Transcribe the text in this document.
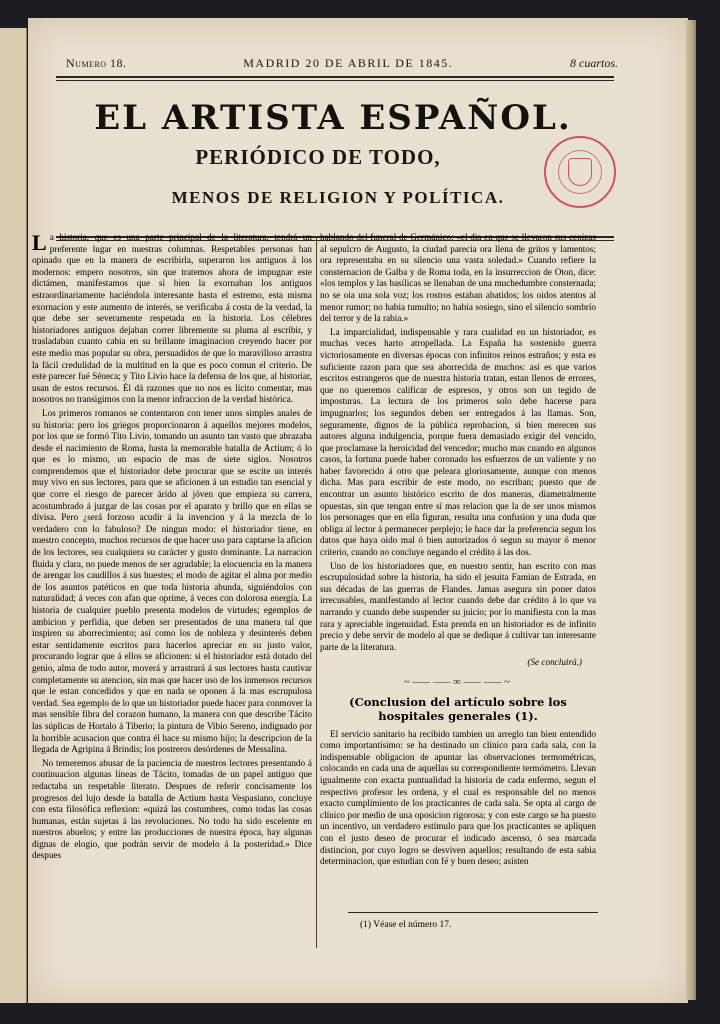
Numero 18.	MADRID 20 DE ABRIL DE 1845.	8 cuartos.
EL ARTISTA ESPAÑOL.
PERIÓDICO DE TODO,
MENOS DE RELIGION Y POLÍTICA.

La historia, que es una parte principal de la literatura, tendrá un preferente lugar en nuestras columnas. Respetables personas han opinado que en la manera de escribirla, superaron los antiguos á los modernos: empero nosotros, sin que tratemos ahora de impugnar este dictámen, manifestamos que si bien la exornaban los antiguos estraordinariamente haciéndola interesante hasta el estremo, esta misma exornacion y este aumento de interés, se verificaba á costa de la verdad, la que debe ser severamente respetada en la historia. Los célebres historiadores antiguos dejaban correr libremente su pluma al escribir, y trasladaban cuanto cabia en su brillante imaginacion creyendo hacer por este medio mas popular su obra, persuadidos de que lo maravilloso arrastra la fácil credulidad de la multitud en la que es poco comun el criterio. De este parecer fué Séneca; y Tito Livio hace la defensa de los que, al historiar, usan de estos recursos. Él dá razones que no nos es lícito comentar, mas nosotros no transigimos con la menor infraccion de la verdad histórica.

Los primeros romanos se contentaron con tener unos simples anales de su historia: pero los griegos proporcionaron á aquellos mejores modelos, por los que se formó Tito Livio, tomando un asunto tan vasto que abrazaba desde el nacimiento de Roma, hasta la memorable batalla de Actium; ó lo que es lo mismo, un espacio de mas de siete siglos. Nosotros comprendemos que el historiador debe procurar que se escite un interés muy vivo en sus lectores, para que se aficionen á un estudio tan esencial y que corre el riesgo de parecer árido al jóven que empieza su carrera, acostumbrado á juzgar de las cosas por el aparato y brillo que en ellas se divisa. Pero ¿será forzoso acudir á la invencion y á la mezcla de lo verdadero con lo fabuloso? De ningun modo: el historiador tiene, en nuestro concepto, muchos recursos de que hacer uso para captarse la aficion de los lectores, sea cualquiera su carácter y gusto dominante. La narracion fluida y clara, no puede menos de ser agradable; la elocuencia en la manera de arengar los caudillos á sus huestes; el modo de agitar el alma por medio de los asuntos patéticos en que toda historia abunda, siguiéndolos con naturalidad; á veces con afan que oprime, á veces con dolorosa energía. La historia de cualquier pueblo presenta modelos de virtudes; egemplos de ambicion y perfidia, que deben ser presentados de una manera tal que inspiren su aborrecimiento; así como los de nobleza y desinterés deben estar sentidamente escritos para hacerlos apreciar en su justo valor, procurando lograr que á ellos se aficionen: si el historiador está dotado del genio, alma de todo autor, moverá y arrastrará á sus lectores hasta cautivar completamente su atencion, sin mas que hacer uso de los inmensos recursos que le estan concedidos y que en nada se oponen á la mas escrupulosa verdad. Sea egemplo de lo que un historiador puede hacer para conmover la mas sensible fibra del corazon humano, la manera con que describe Tácito las súplicas de Hortalo á Tiberio; la pintura de Vibio Sereno, indignado por la horrible acusacion que contra él hace su mismo hijo; la descripcion de la llegada de Agripina á Brindis; los postreros desórdenes de Messalina.

No temeremos abusar de la paciencia de nuestros lectores presentando á continuacion algunas líneas de Tácito, tomadas de un papel antiguo que redactaba un respetable literato. Despues de referir concisamente los progresos del lujo desde la batalla de Actium hasta Vespasiano, concluye con esta filosófica reflexion: «quizá las costumbres, como todas las cosas humanas, están sujetas á las revoluciones. No todo ha sido escelente en nuestros abuelos; y entre las producciones de nuestra época, hay algunas dignas de elogio, que podrán servir de modelo á la posteridad.» Dice despues

hablando del funeral de Germánico: «el dia en que se llevaron sus cenizas al sepulcro de Augusto, la ciudad parecia ora llena de gritos y lamentos; ora representaba en su silencio una vasta soledad.» Cuando refiere la consternacion de Galba y de Roma toda, en la insurreccion de Oton, dice: «los templos y las basílicas se llenaban de una muchedumbre consternada; no se oia una sola voz; los rostros estaban abatidos; los oidos atentos al menor rumor; no habia tumulto; no habia sosiego, sino el silencio sombrío del terror y de la rabia.»

La imparcialidad, indispensable y rara cualidad en un historiador, es muchas veces harto atropellada. La España ha sostenido guerra victoriosamente en diversas épocas con infinitos reinos estraños; y esta es suficiente razon para que sea aborrecida de muchos: así es que varios escritos estrangeros que de nuestra historia tratan, estan llenos de errores, que no queremos calificar de espresos, y otros son un tegido de imposturas. La lectura de los primeros solo debe hacerse para impugnarlos; los segundos deben ser entregados á las llamas. Son, seguramente, dignos de la pública reprobacion, si bien merecen sus autores alguna indulgencia, porque fuera demasiado exigir del vencido, que proclamase la heroicidad del vencedor; mucho mas cuando en algunos casos, la fortuna puede haber coronado los esfuerzos de un valiente y no haber favorecido á otro que peleara gloriosamente, aunque con menos dicha. Mas para escribir de este modo, no escriban; puesto que de encontrar un asunto histórico escrito de dos maneras, diametralmente opuestas, sin que tengan entre sí mas relacion que la de ser unos mismos los personages que en ella figuran, resulta una confusion y una duda que obliga al lector á permanecer perplejo; le hace dar la preferencia segun los datos que haya oido mal ó bien autorizados ó segun su mayor ó menor criterio, cuando no concluye negando el crédito á las dos.

Uno de los historiadores que, en nuestro sentir, han escrito con mas escrupulosidad sobre la historia, ha sido el jesuita Famian de Estrada, en sus décadas de las guerras de Flandes. Jamas asegura sin poner datos irrecusables, manifestando al lector cuando debe dar crédito á lo que va narrando y cuando debe suspender su juicio; por lo manifiesta con la mas rara y apreciable ingenuidad. Esta prenda en un historiador es de infinito precio y debe servir de modelo al que se dedique á cultivar tan interesante parte de la literatura.

(Se concluirá.)
~⸺⸺∞⸺⸺~
(Conclusion del artículo sobre los hospitales generales (1).

El servicio sanitario ha recibido tambien un arreglo tan bien entendido como importantísimo: se ha destinado un clínico para cada sala, con la indispensable obligacion de apuntar las observaciones termométricas, colocando en cada una de aquellas su correspondiente termómetro. Llevan igualmente con exacta puntualidad la historia de cada enfermo, segun el respectivo profesor les ordena, y el cual es responsable del no menos exacto cumplimiento de los practicantes de cada sala. Se opta al cargo de clínico por medio de una oposicion rigorosa; y con este cargo se ha puesto un incentivo, un verdadero estímulo para que los practicantes se apliquen con el justo deseo de procurar el indicado ascenso, ó sea marcada distincion, por cuyo logro se desviven aquellos; resultando de esta sabia determinacion, que estudian con fé y buen deseo; asisten

(1) Véase el número 17.
